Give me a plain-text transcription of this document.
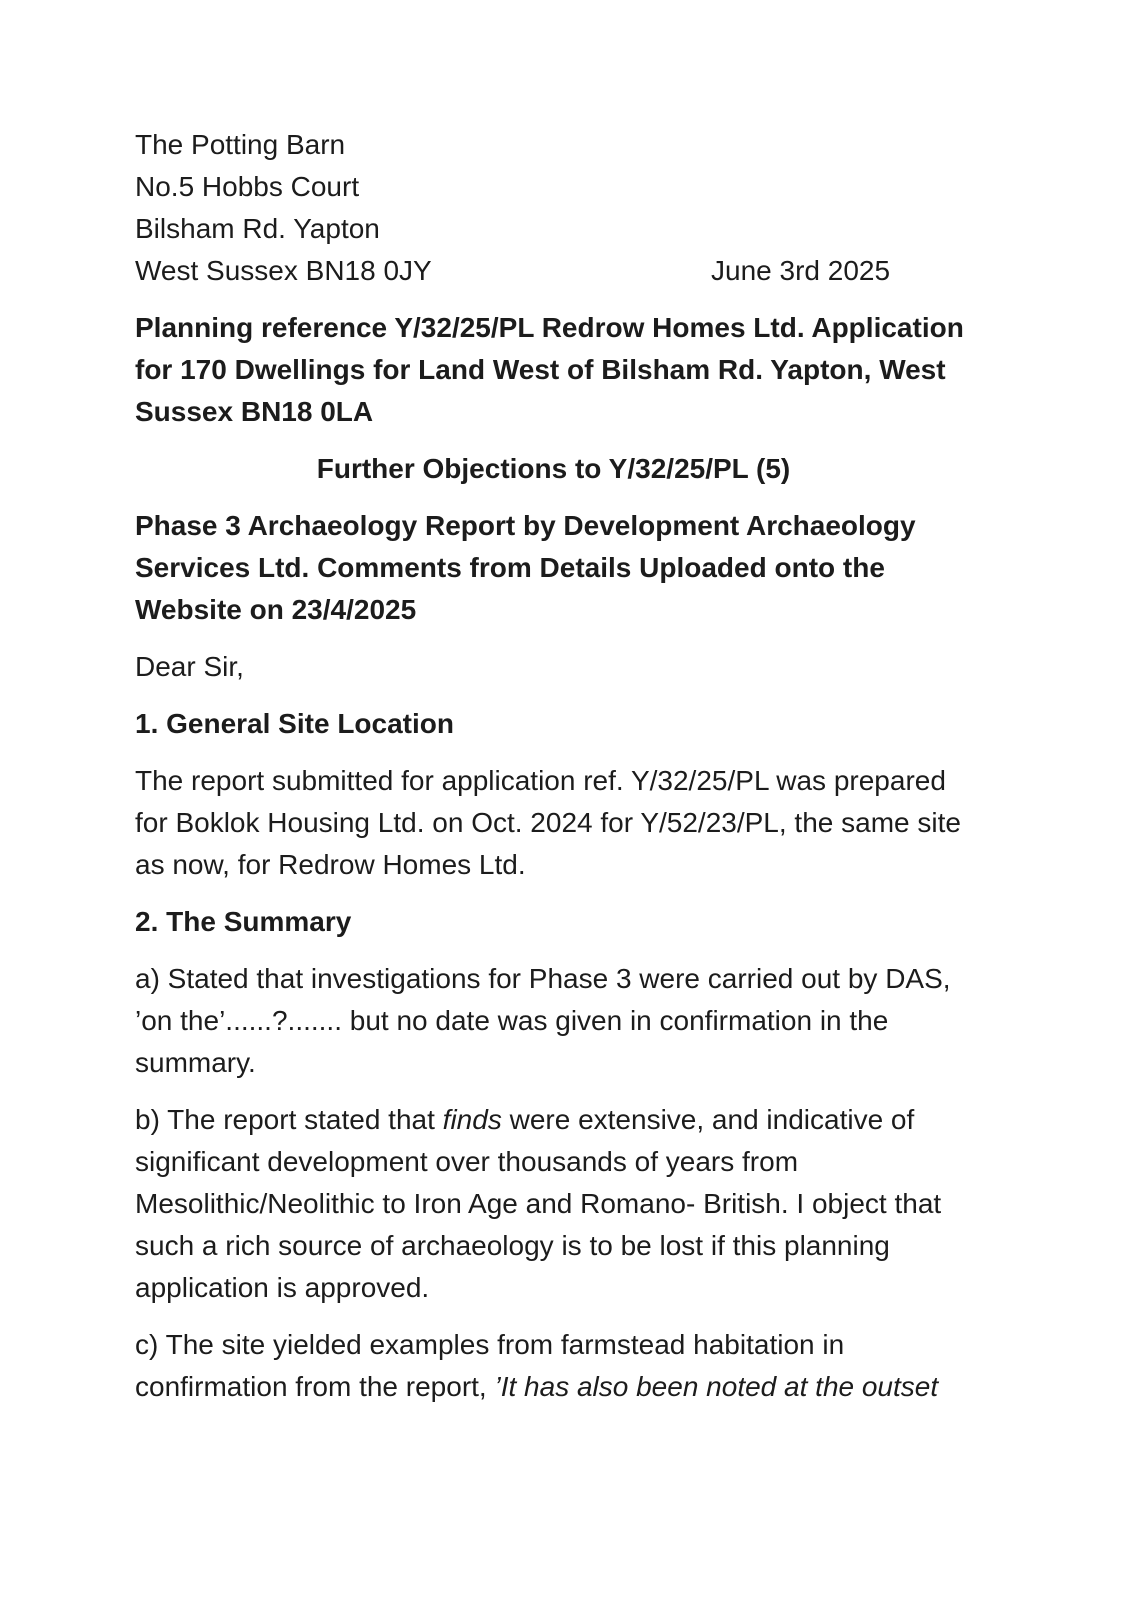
The Potting Barn
No.5 Hobbs Court
Bilsham Rd. Yapton
West Sussex BN18 0JY	June 3rd 2025

Planning reference Y/32/25/PL Redrow Homes Ltd. Application for 170 Dwellings for Land West of Bilsham Rd. Yapton, West Sussex BN18 0LA

Further Objections to Y/32/25/PL (5)

Phase 3 Archaeology Report by Development Archaeology Services Ltd. Comments from Details Uploaded onto the Website on 23/4/2025

Dear Sir,

1. General Site Location

The report submitted for application ref. Y/32/25/PL was prepared for Boklok Housing Ltd. on Oct. 2024 for Y/52/23/PL, the same site as now, for Redrow Homes Ltd.

2. The Summary

a) Stated that investigations for Phase 3 were carried out by DAS, ’on the’......?....... but no date was given in confirmation in the summary.

b) The report stated that finds were extensive, and indicative of significant development over thousands of years from Mesolithic/Neolithic to Iron Age and Romano- British. I object that such a rich source of archaeology is to be lost if this planning application is approved.

c) The site yielded examples from farmstead habitation in confirmation from the report, ’It has also been noted at the outset
